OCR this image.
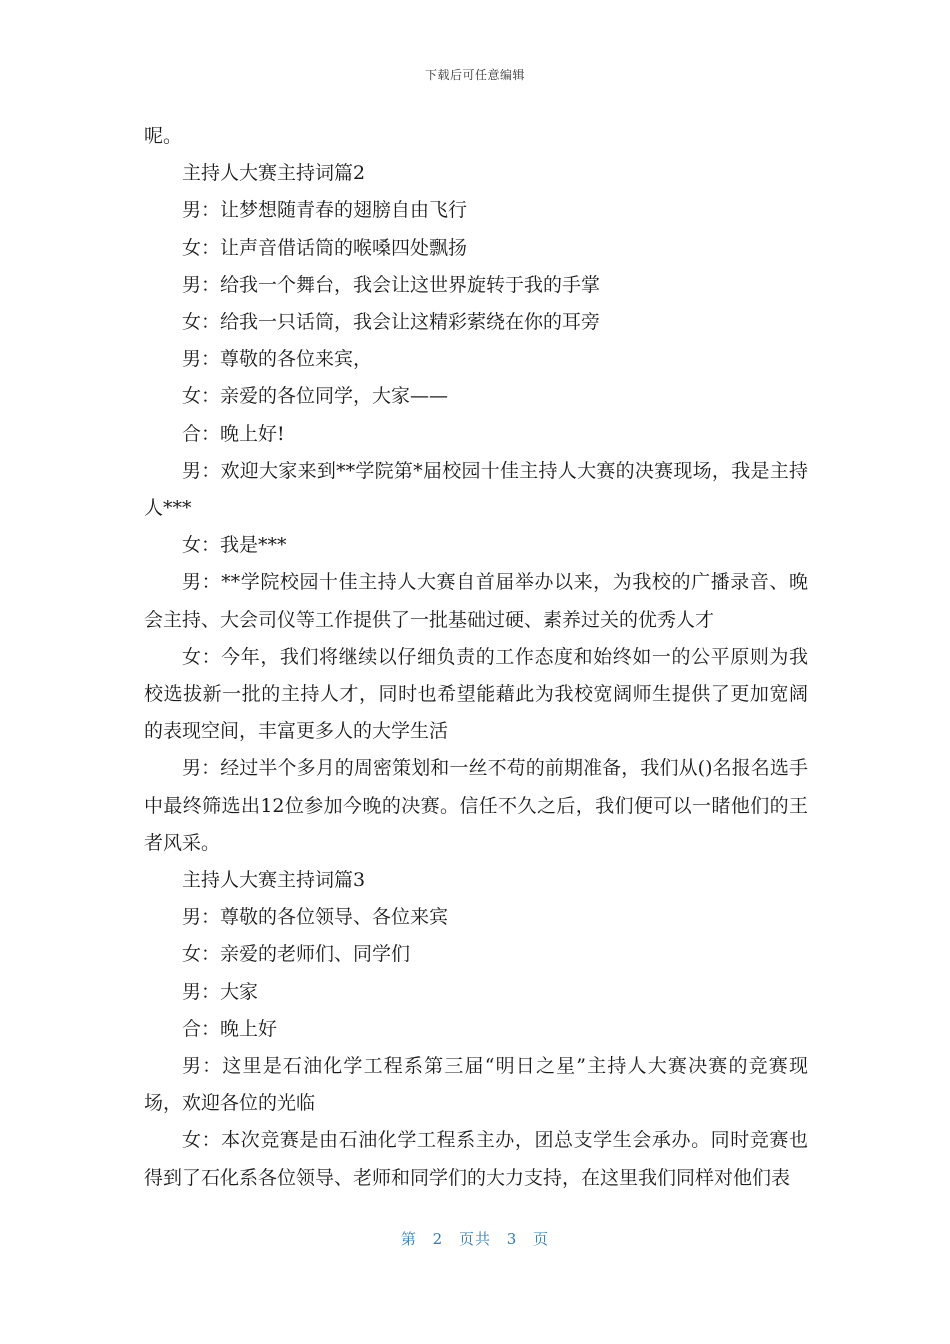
下载后可任意编辑

呢。

主持人大赛主持词篇2

男：让梦想随青春的翅膀自由飞行

女：让声音借话筒的喉嗓四处飘扬

男：给我一个舞台，我会让这世界旋转于我的手掌

女：给我一只话筒，我会让这精彩萦绕在你的耳旁

男：尊敬的各位来宾，

女：亲爱的各位同学，大家——

合：晚上好!

男：欢迎大家来到**学院第*届校园十佳主持人大赛的决赛现场，我是主持人***

女：我是***

男：**学院校园十佳主持人大赛自首届举办以来，为我校的广播录音、晚会主持、大会司仪等工作提供了一批基础过硬、素养过关的优秀人才

女：今年，我们将继续以仔细负责的工作态度和始终如一的公平原则为我校选拔新一批的主持人才，同时也希望能藉此为我校宽阔师生提供了更加宽阔的表现空间，丰富更多人的大学生活

男：经过半个多月的周密策划和一丝不苟的前期准备，我们从()名报名选手中最终筛选出12位参加今晚的决赛。信任不久之后，我们便可以一睹他们的王者风采。

主持人大赛主持词篇3

男：尊敬的各位领导、各位来宾

女：亲爱的老师们、同学们

男：大家

合：晚上好

男：这里是石油化学工程系第三届“明日之星”主持人大赛决赛的竞赛现场，欢迎各位的光临

女：本次竞赛是由石油化学工程系主办，团总支学生会承办。同时竞赛也得到了石化系各位领导、老师和同学们的大力支持，在这里我们同样对他们表

第 2 页共 3 页
